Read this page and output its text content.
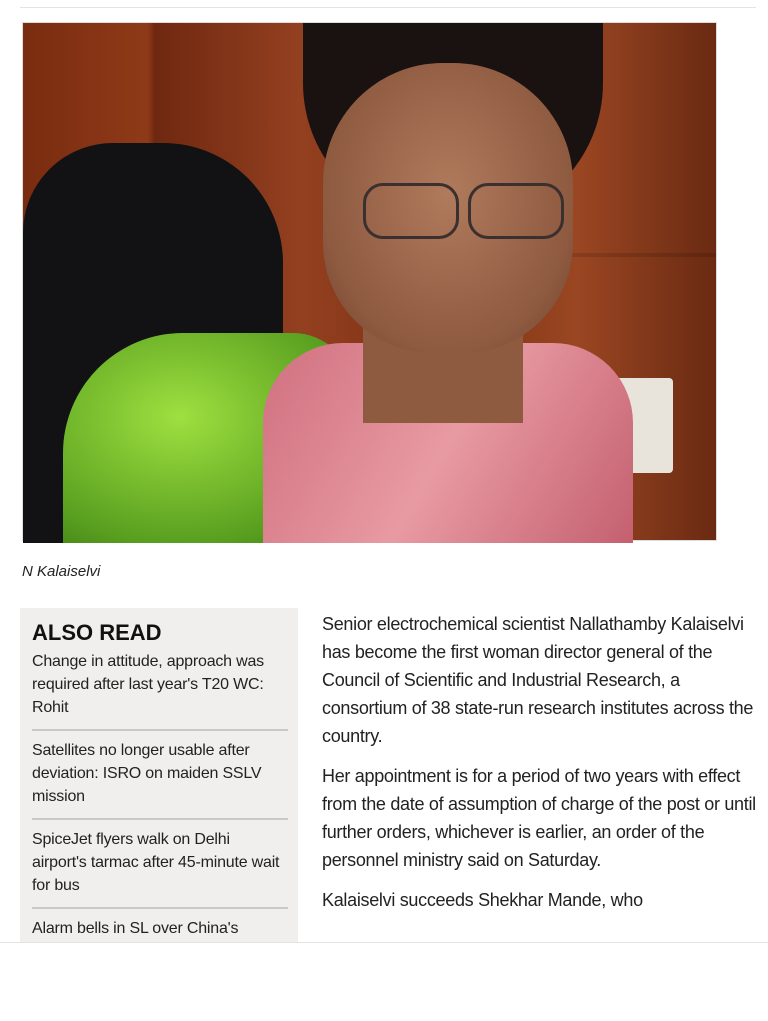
N Kalaiselvi
ALSO READ
Change in attitude, approach was required after last year's T20 WC: Rohit
Satellites no longer usable after deviation: ISRO on maiden SSLV mission
SpiceJet flyers walk on Delhi airport's tarmac after 45-minute wait for bus
Alarm bells in SL over China's

Senior electrochemical scientist Nallathamby Kalaiselvi has become the first woman director general of the Council of Scientific and Industrial Research, a consortium of 38 state-run research institutes across the country.

Her appointment is for a period of two years with effect from the date of assumption of charge of the post or until further orders, whichever is earlier, an order of the personnel ministry said on Saturday.

Kalaiselvi succeeds Shekhar Mande, who
